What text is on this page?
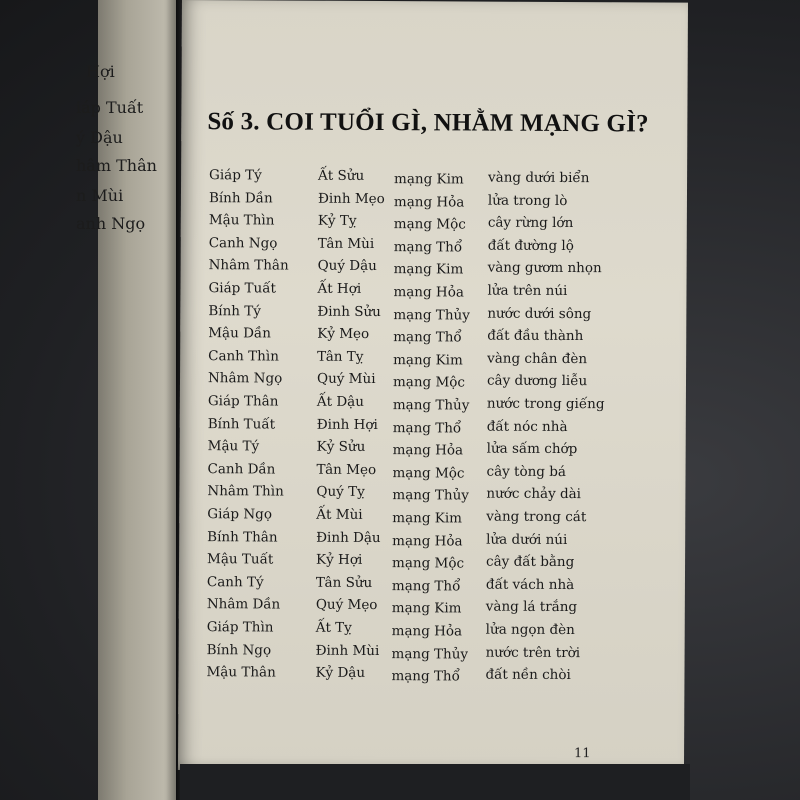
Hợi
iáp Tuất
ý Dậu
hâm Thân
n Mùi
anh Ngọ
Số 3. COI TUỔI GÌ, NHẰM MẠNG GÌ?
Giáp Tý	Ất Sửu mạng Kim vàng dưới biển
Bính Dần	Đinh Mẹo mạng Hỏa lửa trong lò
Mậu Thìn	Kỷ Tỵ	mạng Mộc cây rừng lớn
Canh Ngọ	Tân Mùi mạng Thổ đất đường lộ
Nhâm Thân Quý Dậu mạng Kim vàng gươm nhọn
Giáp Tuất	Ất Hợi mạng Hỏa lửa trên núi
Bính Tý	Đinh Sửu mạng Thủy nước dưới sông
Mậu Dần	Kỷ Mẹo mạng Thổ đất đầu thành
Canh Thìn	Tân Tỵ mạng Kim vàng chân đèn
Nhâm Ngọ	Quý Mùi mạng Mộc cây dương liễu
Giáp Thân	Ất Dậu mạng Thủy nước trong giếng
Bính Tuất	Đinh Hợi mạng Thổ đất nóc nhà
Mậu Tý	Kỷ Sửu mạng Hỏa lửa sấm chớp
Canh Dần	Tân Mẹo mạng Mộc cây tòng bá
Nhâm Thìn Quý Tỵ mạng Thủy nước chảy dài
Giáp Ngọ	Ất Mùi mạng Kim vàng trong cát
Bính Thân	Đinh Dậu mạng Hỏa lửa dưới núi
Mậu Tuất	Kỷ Hợi mạng Mộc cây đất bằng
Canh Tý	Tân Sửu mạng Thổ đất vách nhà
Nhâm Dần	Quý Mẹo mạng Kim vàng lá trắng
Giáp Thìn	Ất Tỵ	mạng Hỏa lửa ngọn đèn
Bính Ngọ	Đinh Mùi mạng Thủy nước trên trời
Mậu Thân	Kỷ Dậu mạng Thổ đất nền chòi
11
